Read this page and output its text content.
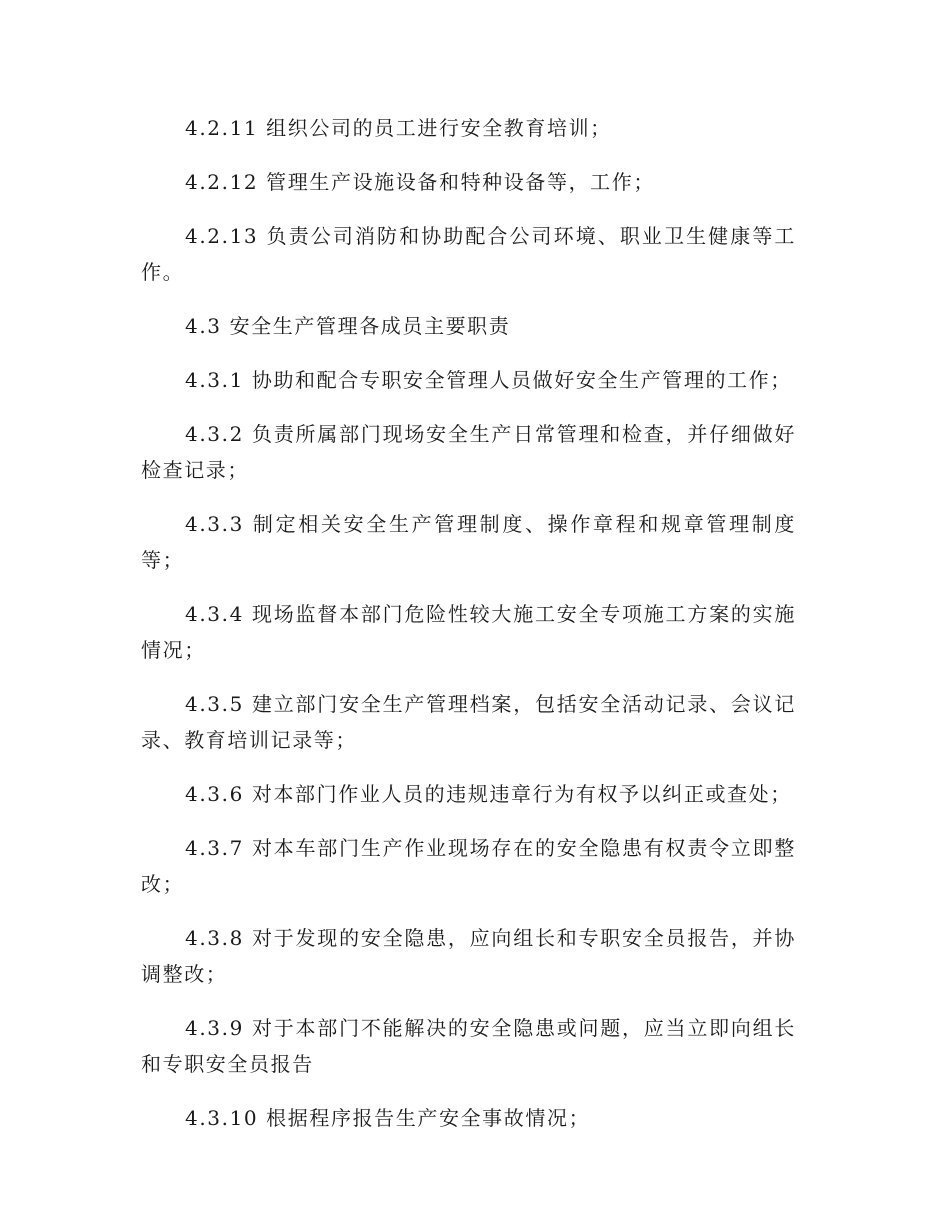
4.2.11 组织公司的员工进行安全教育培训；

4.2.12 管理生产设施设备和特种设备等，工作；

4.2.13 负责公司消防和协助配合公司环境、职业卫生健康等工作。

4.3 安全生产管理各成员主要职责

4.3.1 协助和配合专职安全管理人员做好安全生产管理的工作；

4.3.2 负责所属部门现场安全生产日常管理和检查，并仔细做好检查记录；

4.3.3 制定相关安全生产管理制度、操作章程和规章管理制度等；

4.3.4 现场监督本部门危险性较大施工安全专项施工方案的实施情况；

4.3.5 建立部门安全生产管理档案，包括安全活动记录、会议记录、教育培训记录等；

4.3.6 对本部门作业人员的违规违章行为有权予以纠正或查处；

4.3.7 对本车部门生产作业现场存在的安全隐患有权责令立即整改；

4.3.8 对于发现的安全隐患，应向组长和专职安全员报告，并协调整改；

4.3.9 对于本部门不能解决的安全隐患或问题，应当立即向组长和专职安全员报告

4.3.10 根据程序报告生产安全事故情况；
